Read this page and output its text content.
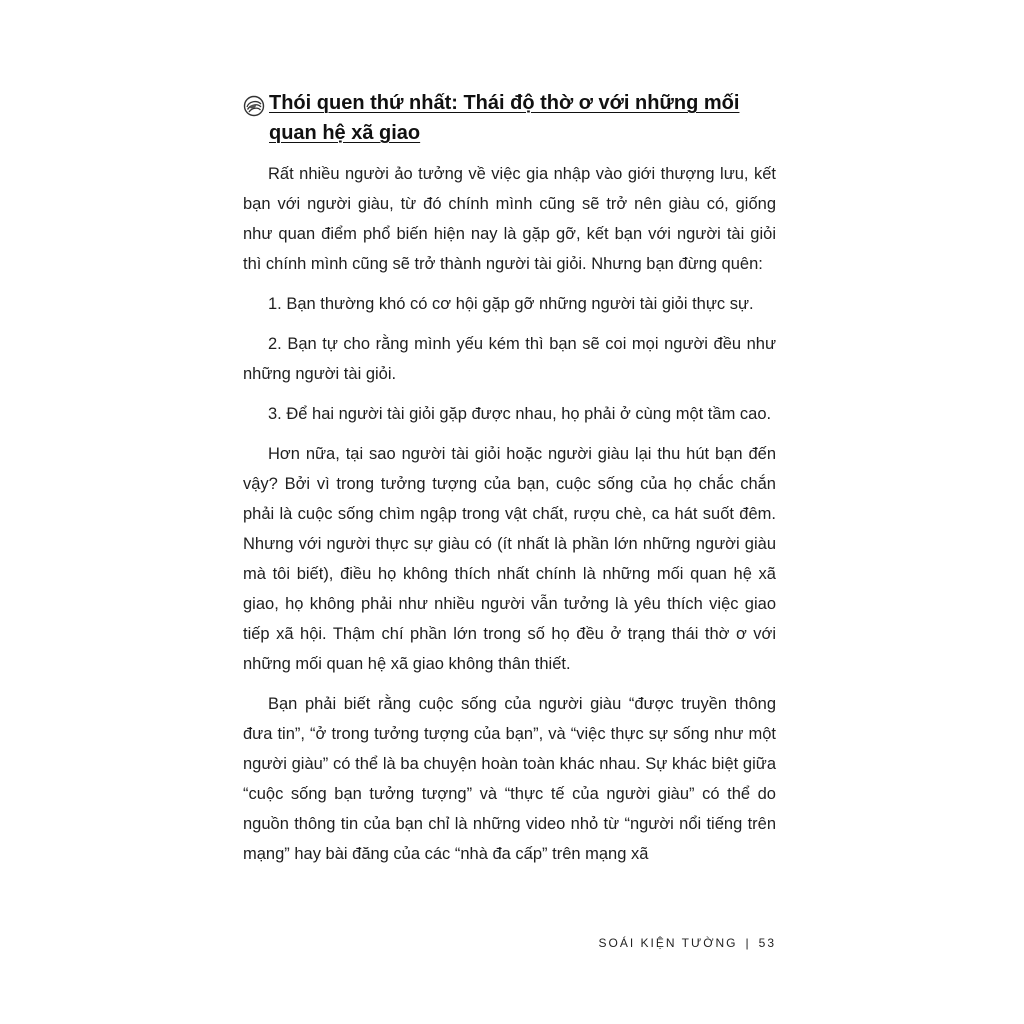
Thói quen thứ nhất: Thái độ thờ ơ với những mối quan hệ xã giao

Rất nhiều người ảo tưởng về việc gia nhập vào giới thượng lưu, kết bạn với người giàu, từ đó chính mình cũng sẽ trở nên giàu có, giống như quan điểm phổ biến hiện nay là gặp gỡ, kết bạn với người tài giỏi thì chính mình cũng sẽ trở thành người tài giỏi. Nhưng bạn đừng quên:

1. Bạn thường khó có cơ hội gặp gỡ những người tài giỏi thực sự.

2. Bạn tự cho rằng mình yếu kém thì bạn sẽ coi mọi người đều như những người tài giỏi.

3. Để hai người tài giỏi gặp được nhau, họ phải ở cùng một tầm cao.

Hơn nữa, tại sao người tài giỏi hoặc người giàu lại thu hút bạn đến vậy? Bởi vì trong tưởng tượng của bạn, cuộc sống của họ chắc chắn phải là cuộc sống chìm ngập trong vật chất, rượu chè, ca hát suốt đêm. Nhưng với người thực sự giàu có (ít nhất là phần lớn những người giàu mà tôi biết), điều họ không thích nhất chính là những mối quan hệ xã giao, họ không phải như nhiều người vẫn tưởng là yêu thích việc giao tiếp xã hội. Thậm chí phần lớn trong số họ đều ở trạng thái thờ ơ với những mối quan hệ xã giao không thân thiết.

Bạn phải biết rằng cuộc sống của người giàu “được truyền thông đưa tin”, “ở trong tưởng tượng của bạn”, và “việc thực sự sống như một người giàu” có thể là ba chuyện hoàn toàn khác nhau. Sự khác biệt giữa “cuộc sống bạn tưởng tượng” và “thực tế của người giàu” có thể do nguồn thông tin của bạn chỉ là những video nhỏ từ “người nổi tiếng trên mạng” hay bài đăng của các “nhà đa cấp” trên mạng xã

SOÁI KIỆN TƯỜNG | 53
